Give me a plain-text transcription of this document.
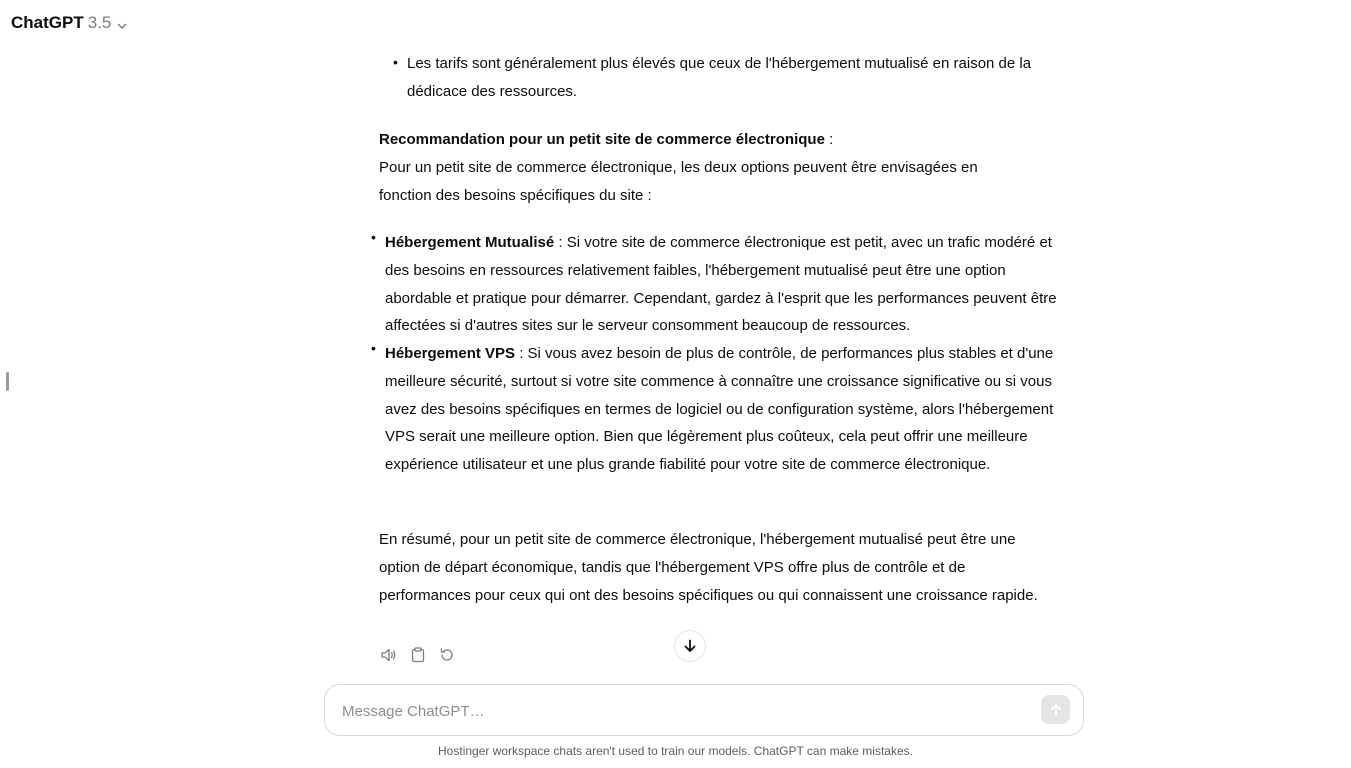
ChatGPT 3.5
• Les tarifs sont généralement plus élevés que ceux de l'hébergement mutualisé en raison de la dédicace des ressources.

Recommandation pour un petit site de commerce électronique :

Pour un petit site de commerce électronique, les deux options peuvent être envisagées en fonction des besoins spécifiques du site :

• Hébergement Mutualisé : Si votre site de commerce électronique est petit, avec un trafic modéré et des besoins en ressources relativement faibles, l'hébergement mutualisé peut être une option abordable et pratique pour démarrer. Cependant, gardez à l'esprit que les performances peuvent être affectées si d'autres sites sur le serveur consomment beaucoup de ressources.

• Hébergement VPS : Si vous avez besoin de plus de contrôle, de performances plus stables et d'une meilleure sécurité, surtout si votre site commence à connaître une croissance significative ou si vous avez des besoins spécifiques en termes de logiciel ou de configuration système, alors l'hébergement VPS serait une meilleure option. Bien que légèrement plus coûteux, cela peut offrir une meilleure expérience utilisateur et une plus grande fiabilité pour votre site de commerce électronique.

En résumé, pour un petit site de commerce électronique, l'hébergement mutualisé peut être une option de départ économique, tandis que l'hébergement VPS offre plus de contrôle et de performances pour ceux qui ont des besoins spécifiques ou qui connaissent une croissance rapide.

Message ChatGPT…
Hostinger workspace chats aren't used to train our models. ChatGPT can make mistakes.
